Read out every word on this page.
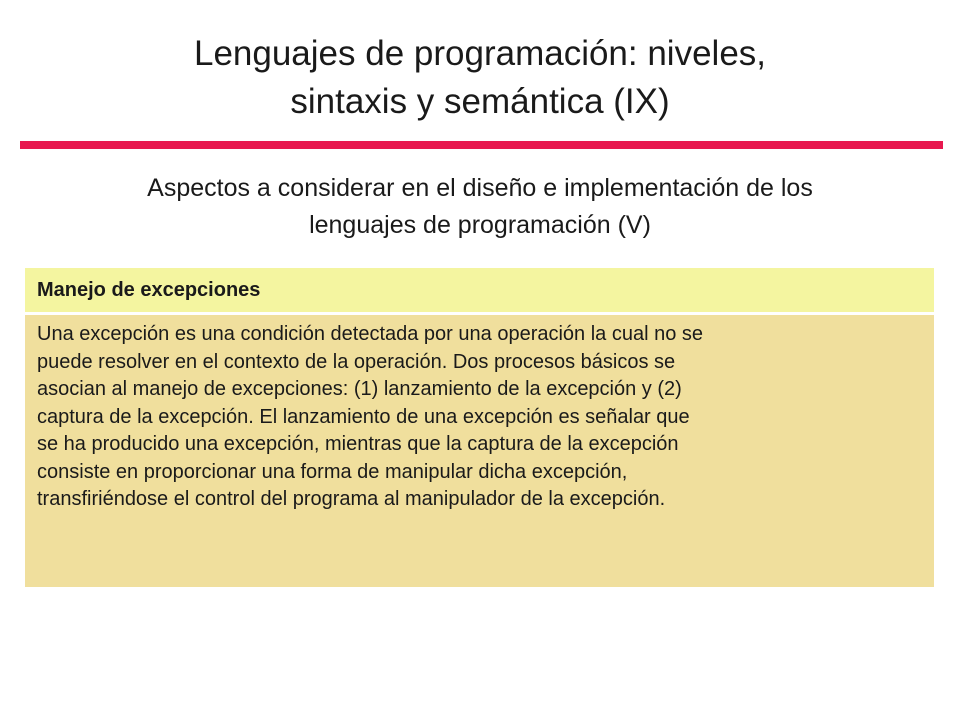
Lenguajes de programación: niveles,
sintaxis y semántica (IX)
Aspectos a considerar en el diseño e implementación de los
lenguajes de programación (V)
Manejo de excepciones
Una excepción es una condición detectada por una operación la cual no se
puede resolver en el contexto de la operación. Dos procesos básicos se
asocian al manejo de excepciones: (1) lanzamiento de la excepción y (2)
captura de la excepción. El lanzamiento de una excepción es señalar que
se ha producido una excepción, mientras que la captura de la excepción
consiste en proporcionar una forma de manipular dicha excepción,
transfiriéndose el control del programa al manipulador de la excepción.
